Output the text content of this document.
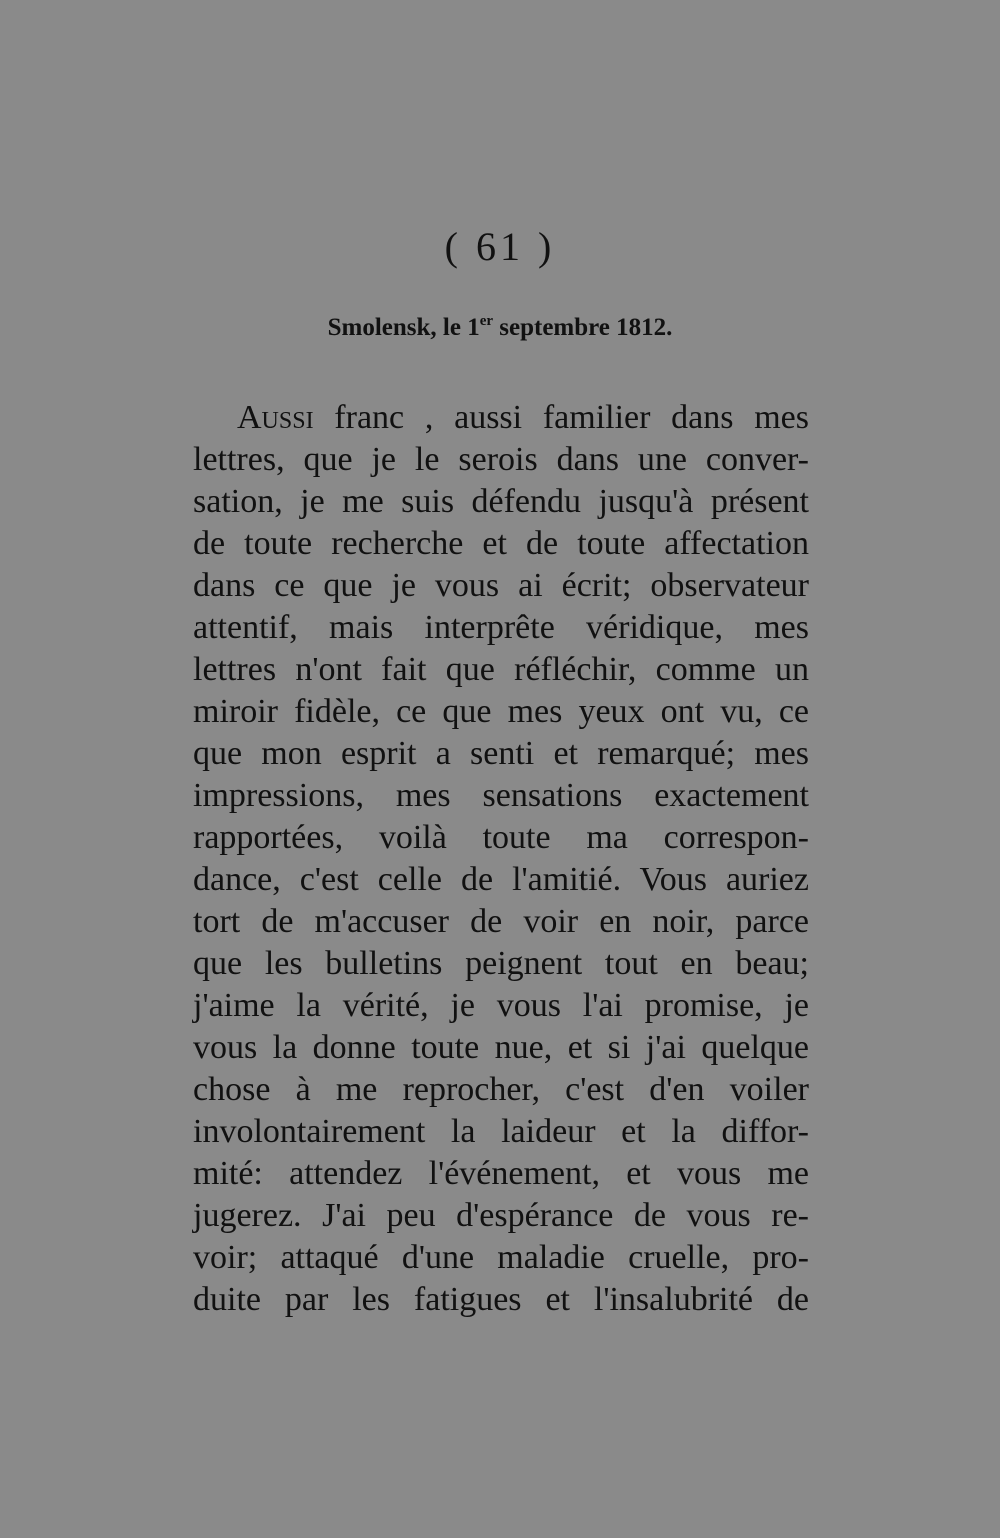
( 61 )
Smolensk, le 1er septembre 1812.
Aussi franc , aussi familier dans mes
lettres, que je le serois dans une conver-
sation, je me suis défendu jusqu'à présent
de toute recherche et de toute affectation
dans ce que je vous ai écrit; observateur
attentif, mais interprête véridique, mes
lettres n'ont fait que réfléchir, comme un
miroir fidèle, ce que mes yeux ont vu, ce
que mon esprit a senti et remarqué; mes
impressions, mes sensations exactement
rapportées, voilà toute ma correspon-
dance, c'est celle de l'amitié. Vous auriez
tort de m'accuser de voir en noir, parce
que les bulletins peignent tout en beau;
j'aime la vérité, je vous l'ai promise, je
vous la donne toute nue, et si j'ai quelque
chose à me reprocher, c'est d'en voiler
involontairement la laideur et la diffor-
mité: attendez l'événement, et vous me
jugerez. J'ai peu d'espérance de vous re-
voir; attaqué d'une maladie cruelle, pro-
duite par les fatigues et l'insalubrité de
